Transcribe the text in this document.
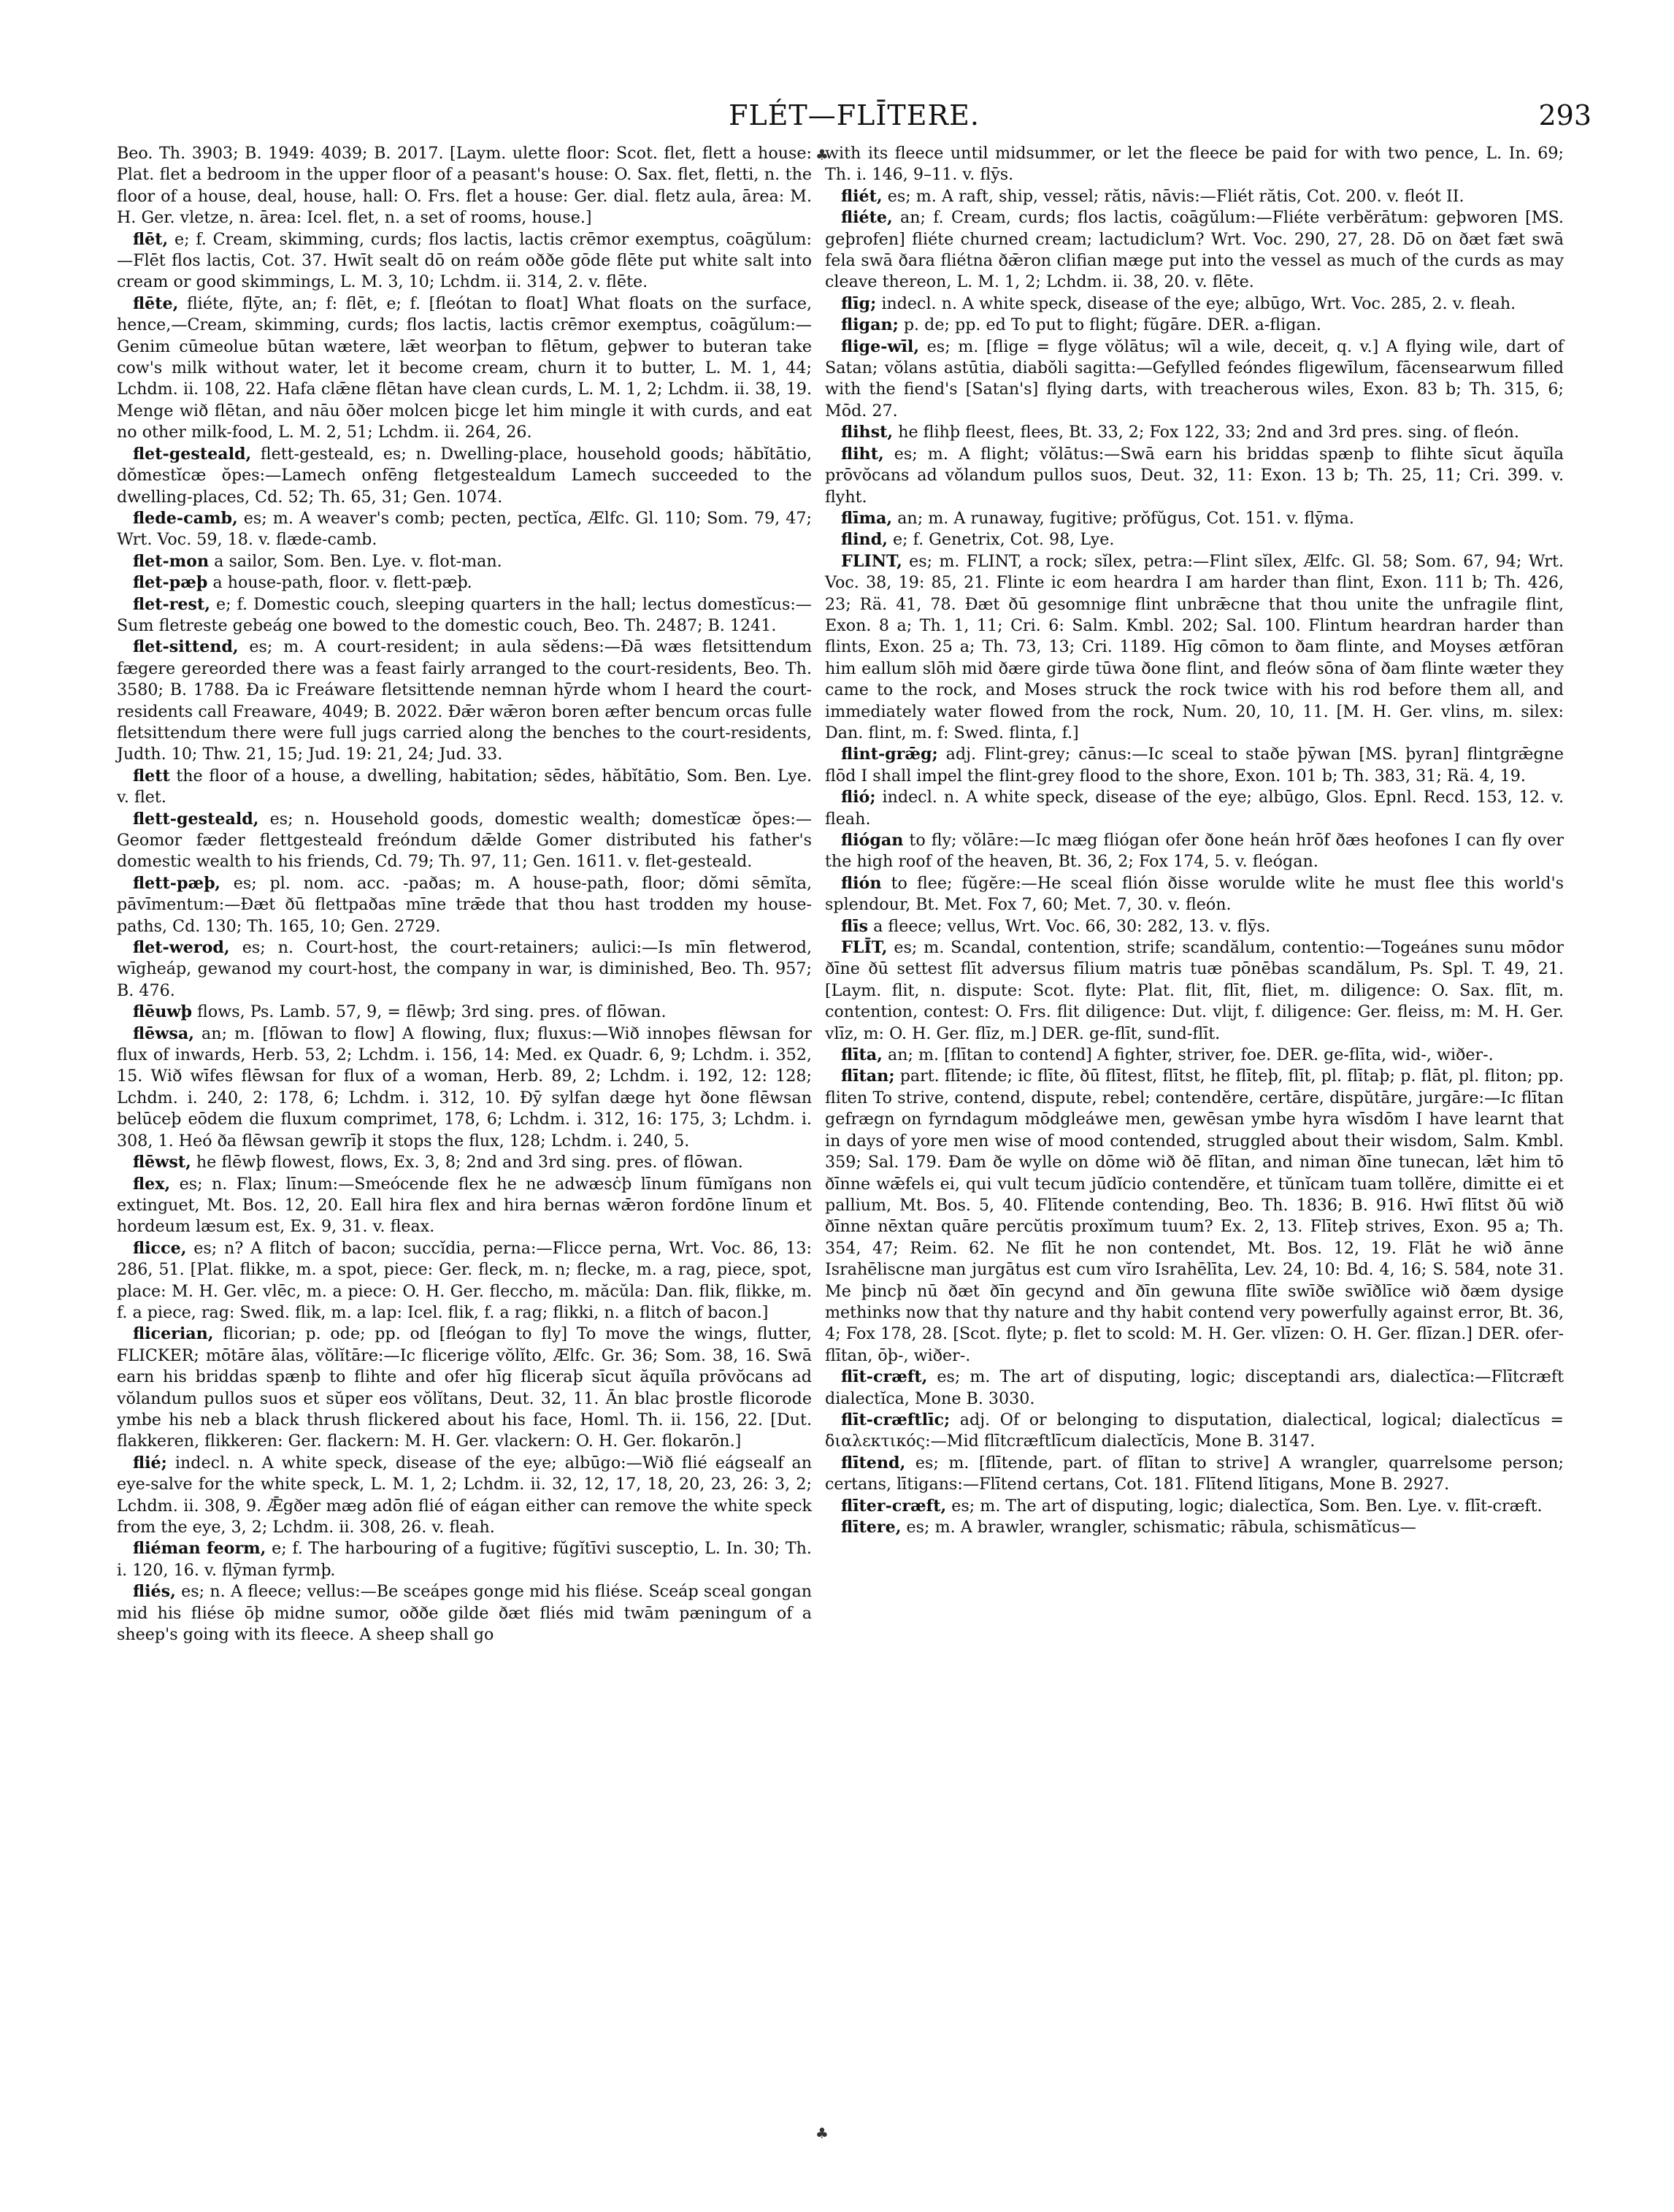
FLÉT—FLĪTERE.	293
♣
♣

Beo. Th. 3903; B. 1949: 4039; B. 2017. [Laym. ulette floor: Scot. flet, flett a house: Plat. flet a bedroom in the upper floor of a peasant's house: O. Sax. flet, fletti, n. the floor of a house, deal, house, hall: O. Frs. flet a house: Ger. dial. fletz aula, ārea: M. H. Ger. vletze, n. ārea: Icel. flet, n. a set of rooms, house.]

flēt, e; f. Cream, skimming, curds; flos lactis, lactis crēmor exemptus, coāgŭlum:—Flēt flos lactis, Cot. 37. Hwīt sealt dō on reám oððe gōde flēte put white salt into cream or good skimmings, L. M. 3, 10; Lchdm. ii. 314, 2. v. flēte.

flēte, fliéte, flȳte, an; f: flēt, e; f. [fleótan to float] What floats on the surface, hence,—Cream, skimming, curds; flos lactis, lactis crēmor exemptus, coāgŭlum:—Genim cūmeolue būtan wætere, lǣt weorþan to flētum, geþwer to buteran take cow's milk without water, let it become cream, churn it to butter, L. M. 1, 44; Lchdm. ii. 108, 22. Hafa clǣne flētan have clean curds, L. M. 1, 2; Lchdm. ii. 38, 19. Menge wið flētan, and nāu ōðer molcen þicge let him mingle it with curds, and eat no other milk-food, L. M. 2, 51; Lchdm. ii. 264, 26.

flet-gesteald, flett-gesteald, es; n. Dwelling-place, household goods; hăbĭtātio, dŏmestĭcæ ŏpes:—Lamech onfēng fletgestealdum Lamech succeeded to the dwelling-places, Cd. 52; Th. 65, 31; Gen. 1074.

flede-camb, es; m. A weaver's comb; pecten, pectĭca, Ælfc. Gl. 110; Som. 79, 47; Wrt. Voc. 59, 18. v. flæde-camb.

flet-mon a sailor, Som. Ben. Lye. v. flot-man.

flet-pæþ a house-path, floor. v. flett-pæþ.

flet-rest, e; f. Domestic couch, sleeping quarters in the hall; lectus domestĭcus:—Sum fletreste gebeág one bowed to the domestic couch, Beo. Th. 2487; B. 1241.

flet-sittend, es; m. A court-resident; in aula sĕdens:—Ðā wæs fletsittendum fægere gereorded there was a feast fairly arranged to the court-residents, Beo. Th. 3580; B. 1788. Ða ic Freáware fletsittende nemnan hȳrde whom I heard the court-residents call Freaware, 4049; B. 2022. Ðǣr wǣron boren æfter bencum orcas fulle fletsittendum there were full jugs carried along the benches to the court-residents, Judth. 10; Thw. 21, 15; Jud. 19: 21, 24; Jud. 33.

flett the floor of a house, a dwelling, habitation; sēdes, hăbĭtātio, Som. Ben. Lye. v. flet.

flett-gesteald, es; n. Household goods, domestic wealth; domestĭcæ ŏpes:—Geomor fæder flettgesteald freóndum dǣlde Gomer distributed his father's domestic wealth to his friends, Cd. 79; Th. 97, 11; Gen. 1611. v. flet-gesteald.

flett-pæþ, es; pl. nom. acc. -paðas; m. A house-path, floor; dŏmi sēmĭta, pāvīmentum:—Ðæt ðū flettpaðas mīne trǣde that thou hast trodden my house-paths, Cd. 130; Th. 165, 10; Gen. 2729.

flet-werod, es; n. Court-host, the court-retainers; aulici:—Is mīn fletwerod, wīgheáp, gewanod my court-host, the company in war, is diminished, Beo. Th. 957; B. 476.

flēuwþ flows, Ps. Lamb. 57, 9, = flēwþ; 3rd sing. pres. of flōwan.

flēwsa, an; m. [flōwan to flow] A flowing, flux; fluxus:—Wið innoþes flēwsan for flux of inwards, Herb. 53, 2; Lchdm. i. 156, 14: Med. ex Quadr. 6, 9; Lchdm. i. 352, 15. Wið wīfes flēwsan for flux of a woman, Herb. 89, 2; Lchdm. i. 192, 12: 128; Lchdm. i. 240, 2: 178, 6; Lchdm. i. 312, 10. Ðȳ sylfan dæge hyt ðone flēwsan belūceþ eōdem die fluxum comprimet, 178, 6; Lchdm. i. 312, 16: 175, 3; Lchdm. i. 308, 1. Heó ða flēwsan gewrīþ it stops the flux, 128; Lchdm. i. 240, 5.

flēwst, he flēwþ flowest, flows, Ex. 3, 8; 2nd and 3rd sing. pres. of flōwan.

flex, es; n. Flax; līnum:—Smeócende flex he ne adwæsċþ līnum fūmĭgans non extinguet, Mt. Bos. 12, 20. Eall hira flex and hira bernas wǣron fordōne līnum et hordeum læsum est, Ex. 9, 31. v. fleax.

flicce, es; n? A flitch of bacon; succĭdia, perna:—Flicce perna, Wrt. Voc. 86, 13: 286, 51. [Plat. flikke, m. a spot, piece: Ger. fleck, m. n; flecke, m. a rag, piece, spot, place: M. H. Ger. vlēc, m. a piece: O. H. Ger. fleccho, m. măcŭla: Dan. flik, flikke, m. f. a piece, rag: Swed. flik, m. a lap: Icel. flik, f. a rag; flikki, n. a flitch of bacon.]

flicerian, flicorian; p. ode; pp. od [fleógan to fly] To move the wings, flutter, FLICKER; mōtāre ālas, vŏlĭtāre:—Ic flicerige vŏlĭto, Ælfc. Gr. 36; Som. 38, 16. Swā earn his briddas spænþ to flihte and ofer hīg fliceraþ sīcut ăquĭla prōvŏcans ad vŏlandum pullos suos et sŭper eos vŏlĭtans, Deut. 32, 11. Ān blac þrostle flicorode ymbe his neb a black thrush flickered about his face, Homl. Th. ii. 156, 22. [Dut. flakkeren, flikkeren: Ger. flackern: M. H. Ger. vlackern: O. H. Ger. flokarōn.]

flié; indecl. n. A white speck, disease of the eye; albūgo:—Wið flié eágsealf an eye-salve for the white speck, L. M. 1, 2; Lchdm. ii. 32, 12, 17, 18, 20, 23, 26: 3, 2; Lchdm. ii. 308, 9. Ǣgðer mæg adōn flié of eágan either can remove the white speck from the eye, 3, 2; Lchdm. ii. 308, 26. v. fleah.

fliéman feorm, e; f. The harbouring of a fugitive; fŭgĭtīvi susceptio, L. In. 30; Th. i. 120, 16. v. flȳman fyrmþ.

fliés, es; n. A fleece; vellus:—Be sceápes gonge mid his fliése. Sceáp sceal gongan mid his fliése ōþ midne sumor, oððe gilde ðæt fliés mid twām pæningum of a sheep's going with its fleece. A sheep shall go

with its fleece until midsummer, or let the fleece be paid for with two pence, L. In. 69; Th. i. 146, 9–11. v. flȳs.

fliét, es; m. A raft, ship, vessel; rătis, nāvis:—Fliét rătis, Cot. 200. v. fleót II.

fliéte, an; f. Cream, curds; flos lactis, coāgŭlum:—Fliéte verbĕrātum: geþworen [MS. geþrofen] fliéte churned cream; lactudiclum? Wrt. Voc. 290, 27, 28. Dō on ðæt fæt swā fela swā ðara fliétna ðǣron clifian mæge put into the vessel as much of the curds as may cleave thereon, L. M. 1, 2; Lchdm. ii. 38, 20. v. flēte.

flīg; indecl. n. A white speck, disease of the eye; albūgo, Wrt. Voc. 285, 2. v. fleah.

fligan; p. de; pp. ed To put to flight; fŭgāre. DER. a-fligan.

flige-wīl, es; m. [flige = flyge vŏlātus; wīl a wile, deceit, q. v.] A flying wile, dart of Satan; vŏlans astūtia, diabŏli sagitta:—Gefylled feóndes fligewīlum, fācensearwum filled with the fiend's [Satan's] flying darts, with treacherous wiles, Exon. 83 b; Th. 315, 6; Mōd. 27.

flihst, he flihþ fleest, flees, Bt. 33, 2; Fox 122, 33; 2nd and 3rd pres. sing. of fleón.

fliht, es; m. A flight; vŏlātus:—Swā earn his briddas spænþ to flihte sīcut ăquĭla prōvŏcans ad vŏlandum pullos suos, Deut. 32, 11: Exon. 13 b; Th. 25, 11; Cri. 399. v. flyht.

flīma, an; m. A runaway, fugitive; prŏfŭgus, Cot. 151. v. flȳma.

flind, e; f. Genetrix, Cot. 98, Lye.

FLINT, es; m. FLINT, a rock; sĭlex, petra:—Flint sĭlex, Ælfc. Gl. 58; Som. 67, 94; Wrt. Voc. 38, 19: 85, 21. Flinte ic eom heardra I am harder than flint, Exon. 111 b; Th. 426, 23; Rä. 41, 78. Ðæt ðū gesomnige flint unbrǣcne that thou unite the unfragile flint, Exon. 8 a; Th. 1, 11; Cri. 6: Salm. Kmbl. 202; Sal. 100. Flintum heardran harder than flints, Exon. 25 a; Th. 73, 13; Cri. 1189. Hīg cōmon to ðam flinte, and Moyses ætfōran him eallum slōh mid ðære girde tūwa ðone flint, and fleów sōna of ðam flinte wæter they came to the rock, and Moses struck the rock twice with his rod before them all, and immediately water flowed from the rock, Num. 20, 10, 11. [M. H. Ger. vlins, m. silex: Dan. flint, m. f: Swed. flinta, f.]

flint-grǣg; adj. Flint-grey; cānus:—Ic sceal to staðe þȳwan [MS. þyran] flintgrǣgne flōd I shall impel the flint-grey flood to the shore, Exon. 101 b; Th. 383, 31; Rä. 4, 19.

flió; indecl. n. A white speck, disease of the eye; albūgo, Glos. Epnl. Recd. 153, 12. v. fleah.

fliógan to fly; vŏlāre:—Ic mæg fliógan ofer ðone heán hrōf ðæs heofones I can fly over the high roof of the heaven, Bt. 36, 2; Fox 174, 5. v. fleógan.

flión to flee; fŭgĕre:—He sceal flión ðisse worulde wlite he must flee this world's splendour, Bt. Met. Fox 7, 60; Met. 7, 30. v. fleón.

flīs a fleece; vellus, Wrt. Voc. 66, 30: 282, 13. v. flȳs.

FLĪT, es; m. Scandal, contention, strife; scandălum, contentio:—Togeánes sunu mōdor ðīne ðū settest flīt adversus fīlium matris tuæ pōnēbas scandălum, Ps. Spl. T. 49, 21. [Laym. flit, n. dispute: Scot. flyte: Plat. flit, flīt, fliet, m. diligence: O. Sax. flīt, m. contention, contest: O. Frs. flit diligence: Dut. vlijt, f. diligence: Ger. fleiss, m: M. H. Ger. vlīz, m: O. H. Ger. flīz, m.] DER. ge-flīt, sund-flīt.

flīta, an; m. [flītan to contend] A fighter, striver, foe. DER. ge-flīta, wid-, wiðer-.

flītan; part. flītende; ic flīte, ðū flītest, flītst, he flīteþ, flīt, pl. flītaþ; p. flāt, pl. fliton; pp. fliten To strive, contend, dispute, rebel; contendĕre, certāre, dispŭtāre, jurgāre:—Ic flītan gefrægn on fyrndagum mōdgleáwe men, gewēsan ymbe hyra wīsdōm I have learnt that in days of yore men wise of mood contended, struggled about their wisdom, Salm. Kmbl. 359; Sal. 179. Ðam ðe wylle on dōme wið ðē flītan, and niman ðīne tunecan, lǣt him tō ðīnne wǣfels ei, qui vult tecum jūdĭcio contendĕre, et tŭnĭcam tuam tollĕre, dimitte ei et pallium, Mt. Bos. 5, 40. Flītende contending, Beo. Th. 1836; B. 916. Hwī flītst ðū wið ðīnne nēxtan quāre percŭtis proxĭmum tuum? Ex. 2, 13. Flīteþ strives, Exon. 95 a; Th. 354, 47; Reim. 62. Ne flīt he non contendet, Mt. Bos. 12, 19. Flāt he wið ānne Israhēliscne man jurgātus est cum vĭro Israhēlīta, Lev. 24, 10: Bd. 4, 16; S. 584, note 31. Me þincþ nū ðæt ðīn gecynd and ðīn gewuna flīte swīðe swīðlīce wið ðæm dysige methinks now that thy nature and thy habit contend very powerfully against error, Bt. 36, 4; Fox 178, 28. [Scot. flyte; p. flet to scold: M. H. Ger. vlīzen: O. H. Ger. flīzan.] DER. ofer-flītan, ōþ-, wiðer-.

flīt-cræft, es; m. The art of disputing, logic; disceptandi ars, dialectĭca:—Flītcræft dialectĭca, Mone B. 3030.

flīt-cræftlīc; adj. Of or belonging to disputation, dialectical, logical; dialectĭcus = διαλεκτικός:—Mid flītcræftlīcum dialectĭcis, Mone B. 3147.

flītend, es; m. [flītende, part. of flītan to strive] A wrangler, quarrelsome person; certans, lītigans:—Flītend certans, Cot. 181. Flītend lītigans, Mone B. 2927.

flīter-cræft, es; m. The art of disputing, logic; dialectĭca, Som. Ben. Lye. v. flīt-cræft.

flītere, es; m. A brawler, wrangler, schismatic; rābula, schismātĭcus—
